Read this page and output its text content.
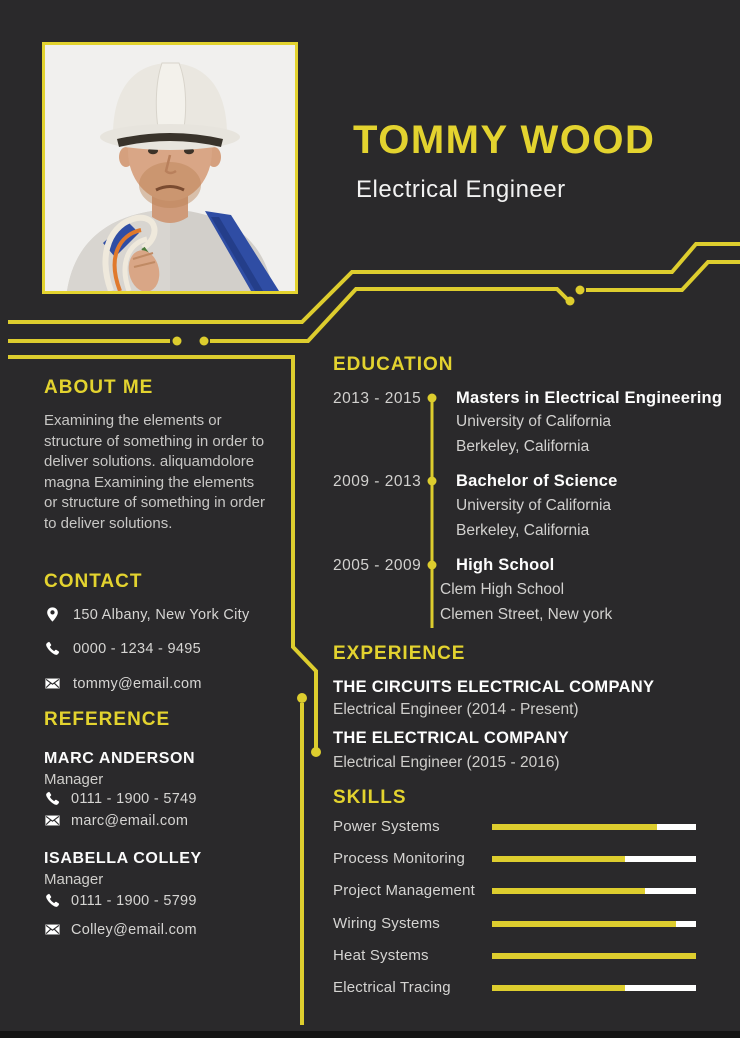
TOMMY WOOD
Electrical Engineer
ABOUT ME
Examining the elements or structure of something in order to deliver solutions. aliquamdolore magna Examining the elements or structure of something in order to deliver solutions.
CONTACT
150 Albany, New York City
0000 - 1234 - 9495
tommy@email.com
REFERENCE
MARC ANDERSON
Manager
0111 - 1900 - 5749
marc@email.com
ISABELLA COLLEY
Manager
0111 - 1900 - 5799
Colley@email.com
EDUCATION
2013 - 2015 Masters in Electrical Engineering
University of California
Berkeley, California
2009 - 2013 Bachelor of Science
University of California
Berkeley, California
2005 - 2009 High School
Clem High School
Clemen Street, New york
EXPERIENCE
THE CIRCUITS ELECTRICAL COMPANY
Electrical Engineer (2014 - Present)
THE ELECTRICAL COMPANY
Electrical Engineer (2015 - 2016)
SKILLS
Power Systems
Process Monitoring
Project Management
Wiring Systems
Heat Systems
Electrical Tracing
